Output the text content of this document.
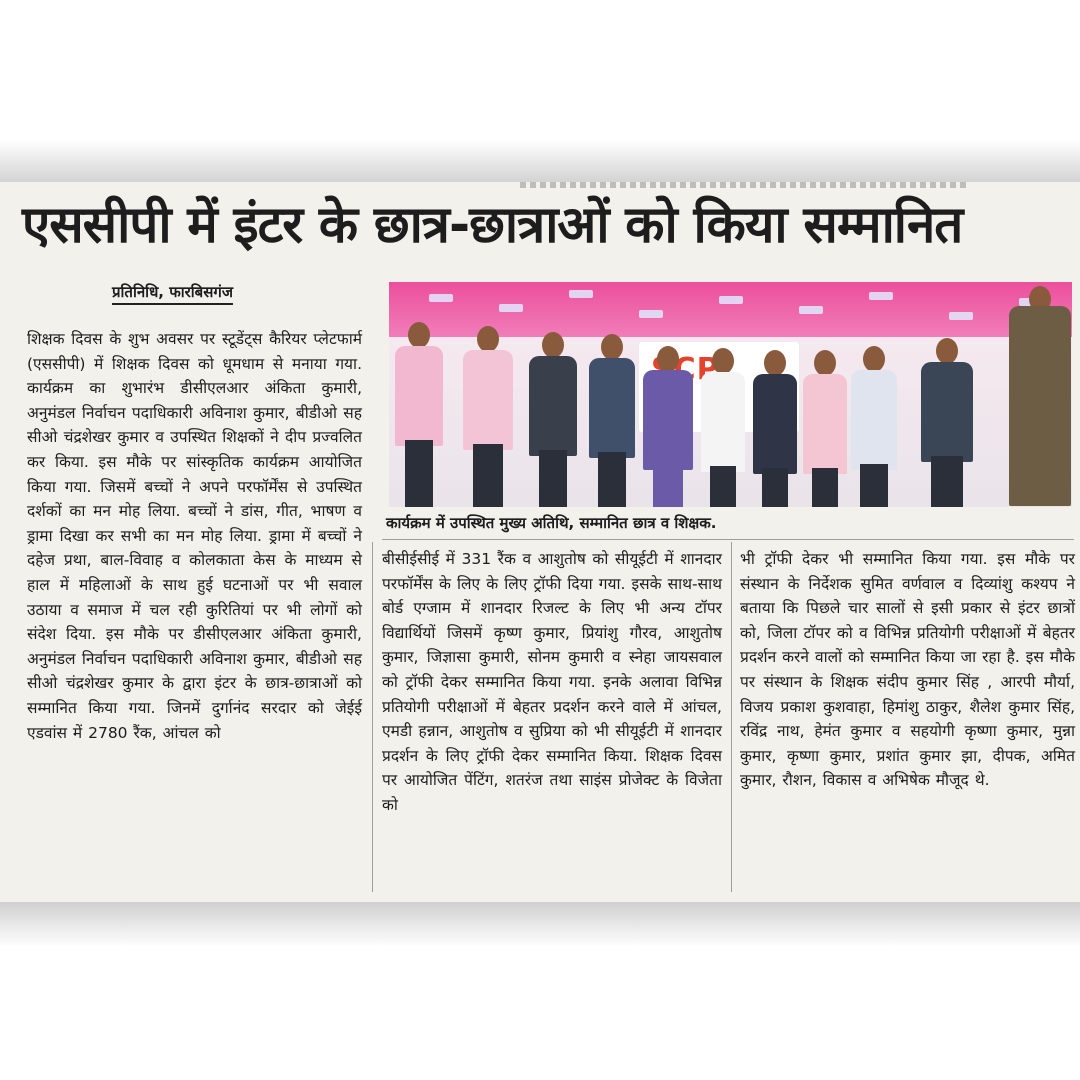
एससीपी में इंटर के छात्र-छात्राओं को किया सम्मानित
प्रतिनिधि, फारबिसगंज
शिक्षक दिवस के शुभ अवसर पर स्टूडेंट्स कैरियर प्लेटफार्म (एससीपी) में शिक्षक दिवस को धूमधाम से मनाया गया. कार्यक्रम का शुभारंभ डीसीएलआर अंकिता कुमारी, अनुमंडल निर्वाचन पदाधिकारी अविनाश कुमार, बीडीओ सह सीओ चंद्रशेखर कुमार व उपस्थित शिक्षकों ने दीप प्रज्वलित कर किया. इस मौके पर सांस्कृतिक कार्यक्रम आयोजित किया गया. जिसमें बच्चों ने अपने परफॉर्मेंस से उपस्थित दर्शकों का मन मोह लिया. बच्चों ने डांस, गीत, भाषण व ड्रामा दिखा कर सभी का मन मोह लिया. ड्रामा में बच्चों ने दहेज प्रथा, बाल-विवाह व कोलकाता केस के माध्यम से हाल में महिलाओं के साथ हुई घटनाओं पर भी सवाल उठाया व समाज में चल रही कुरितियां पर भी लोगों को संदेश दिया. इस मौके पर डीसीएलआर अंकिता कुमारी, अनुमंडल निर्वाचन पदाधिकारी अविनाश कुमार, बीडीओ सह सीओ चंद्रशेखर कुमार के द्वारा इंटर के छात्र-छात्राओं को सम्मानित किया गया. जिनमें दुर्गानंद सरदार को जेईई एडवांस में 2780 रैंक, आंचल को
कार्यक्रम में उपस्थित मुख्य अतिथि, सम्मानित छात्र व शिक्षक.
बीसीईसीई में 331 रैंक व आशुतोष को सीयूईटी में शानदार परफॉर्मेंस के लिए के लिए ट्रॉफी दिया गया. इसके साथ-साथ बोर्ड एग्जाम में शानदार रिजल्ट के लिए भी अन्य टॉपर विद्यार्थियों जिसमें कृष्ण कुमार, प्रियांशु गौरव, आशुतोष कुमार, जिज्ञासा कुमारी, सोनम कुमारी व स्नेहा जायसवाल को ट्रॉफी देकर सम्मानित किया गया. इनके अलावा विभिन्न प्रतियोगी परीक्षाओं में बेहतर प्रदर्शन करने वाले में आंचल, एमडी हन्नान, आशुतोष व सुप्रिया को भी सीयूईटी में शानदार प्रदर्शन के लिए ट्रॉफी देकर सम्मानित किया. शिक्षक दिवस पर आयोजित पेंटिंग, शतरंज तथा साइंस प्रोजेक्ट के विजेता को
भी ट्रॉफी देकर भी सम्मानित किया गया. इस मौके पर संस्थान के निर्देशक सुमित वर्णवाल व दिव्यांशु कश्यप ने बताया कि पिछले चार सालों से इसी प्रकार से इंटर छात्रों को, जिला टॉपर को व विभिन्न प्रतियोगी परीक्षाओं में बेहतर प्रदर्शन करने वालों को सम्मानित किया जा रहा है. इस मौके पर संस्थान के शिक्षक संदीप कुमार सिंह , आरपी मौर्या, विजय प्रकाश कुशवाहा, हिमांशु ठाकुर, शैलेश कुमार सिंह, रविंद्र नाथ, हेमंत कुमार व सहयोगी कृष्णा कुमार, मुन्ना कुमार, कृष्णा कुमार, प्रशांत कुमार झा, दीपक, अमित कुमार, रौशन, विकास व अभिषेक मौजूद थे.
